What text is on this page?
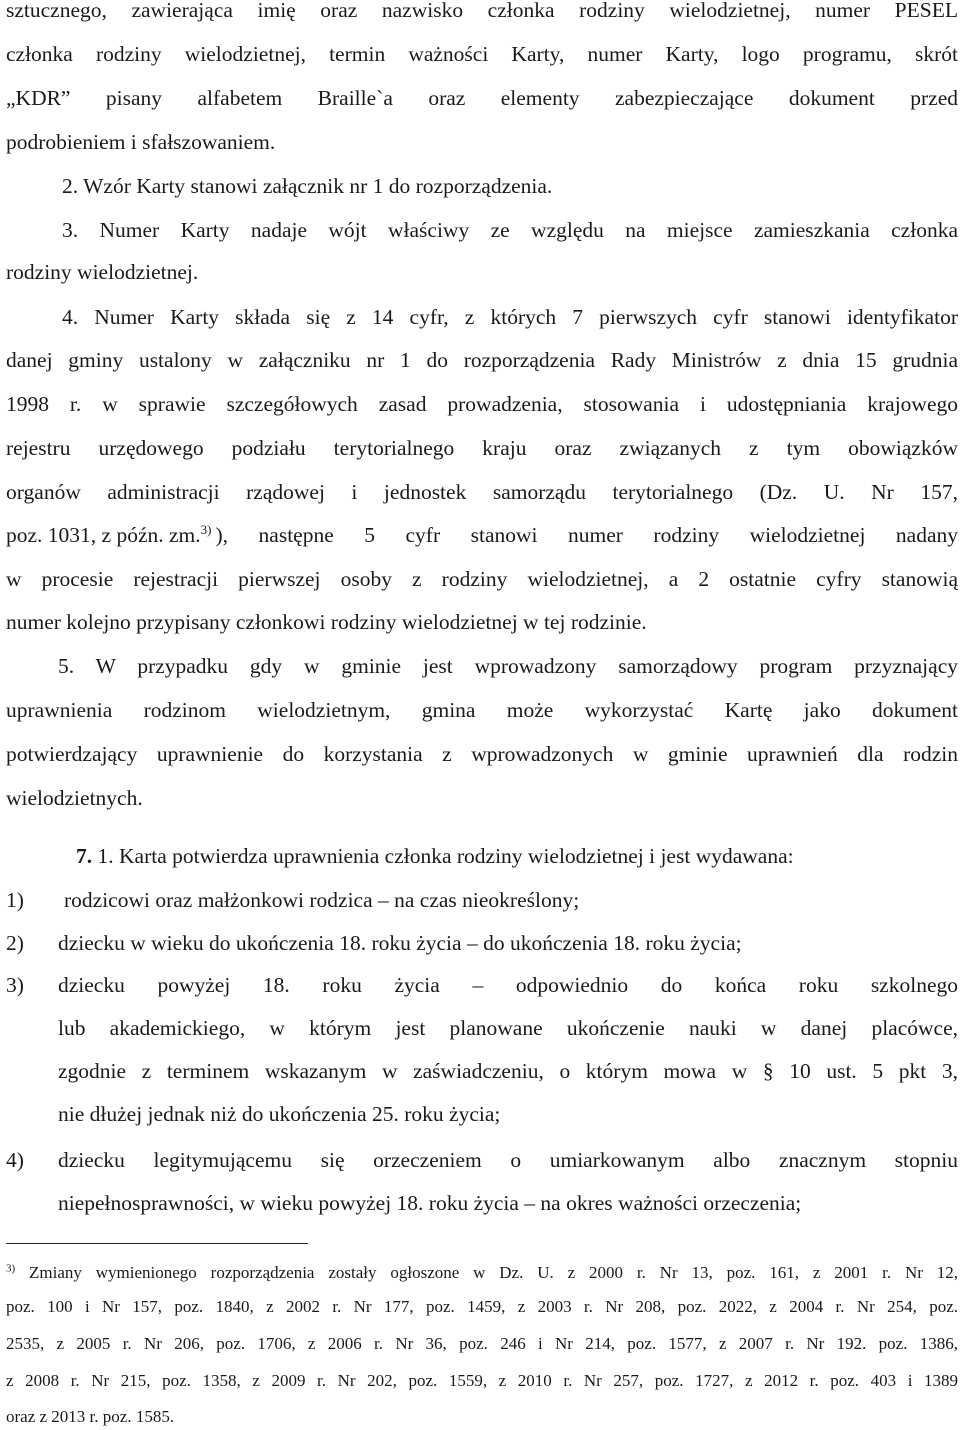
sztucznego, zawierająca imię oraz nazwisko członka rodziny wielodzietnej, numer PESEL
członka rodziny wielodzietnej, termin ważności Karty, numer Karty, logo programu, skrót
„KDR” pisany alfabetem Braille`a oraz elementy zabezpieczające dokument przed
podrobieniem i sfałszowaniem.
2. Wzór Karty stanowi załącznik nr 1 do rozporządzenia.
3. Numer Karty nadaje wójt właściwy ze względu na miejsce zamieszkania członka
rodziny wielodzietnej.
4. Numer Karty składa się z 14 cyfr, z których 7 pierwszych cyfr stanowi identyfikator
danej gminy ustalony w załączniku nr 1 do rozporządzenia Rady Ministrów z dnia 15 grudnia
1998 r. w sprawie szczegółowych zasad prowadzenia, stosowania i udostępniania krajowego
rejestru urzędowego podziału terytorialnego kraju oraz związanych z tym obowiązków
organów administracji rządowej i jednostek samorządu terytorialnego (Dz. U. Nr 157,
poz. 1031, z późn. zm.$^{3)}$ ), następne 5 cyfr stanowi numer rodziny wielodzietnej nadany
w procesie rejestracji pierwszej osoby z rodziny wielodzietnej, a 2 ostatnie cyfry stanowią
numer kolejno przypisany członkowi rodziny wielodzietnej w tej rodzinie.
5. W przypadku gdy w gminie jest wprowadzony samorządowy program przyznający
uprawnienia rodzinom wielodzietnym, gmina może wykorzystać Kartę jako dokument
potwierdzający uprawnienie do korzystania z wprowadzonych w gminie uprawnień dla rodzin
wielodzietnych.
7. 1. Karta potwierdza uprawnienia członka rodziny wielodzietnej i jest wydawana:
1) rodzicowi oraz małżonkowi rodzica – na czas nieokreślony;
2) dziecku w wieku do ukończenia 18. roku życia – do ukończenia 18. roku życia;
3) dziecku powyżej 18. roku życia – odpowiednio do końca roku szkolnego
lub akademickiego, w którym jest planowane ukończenie nauki w danej placówce,
zgodnie z terminem wskazanym w zaświadczeniu, o którym mowa w § 10 ust. 5 pkt 3,
nie dłużej jednak niż do ukończenia 25. roku życia;
4) dziecku legitymującemu się orzeczeniem o umiarkowanym albo znacznym stopniu
niepełnosprawności, w wieku powyżej 18. roku życia – na okres ważności orzeczenia;
$^{3)}$ Zmiany wymienionego rozporządzenia zostały ogłoszone w Dz. U. z 2000 r. Nr 13, poz. 161, z 2001 r. Nr 12,
poz. 100 i Nr 157, poz. 1840, z 2002 r. Nr 177, poz. 1459, z 2003 r. Nr 208, poz. 2022, z 2004 r. Nr 254, poz.
2535, z 2005 r. Nr 206, poz. 1706, z 2006 r. Nr 36, poz. 246 i Nr 214, poz. 1577, z 2007 r. Nr 192. poz. 1386,
z 2008 r. Nr 215, poz. 1358, z 2009 r. Nr 202, poz. 1559, z 2010 r. Nr 257, poz. 1727, z 2012 r. poz. 403 i 1389
oraz z 2013 r. poz. 1585.
